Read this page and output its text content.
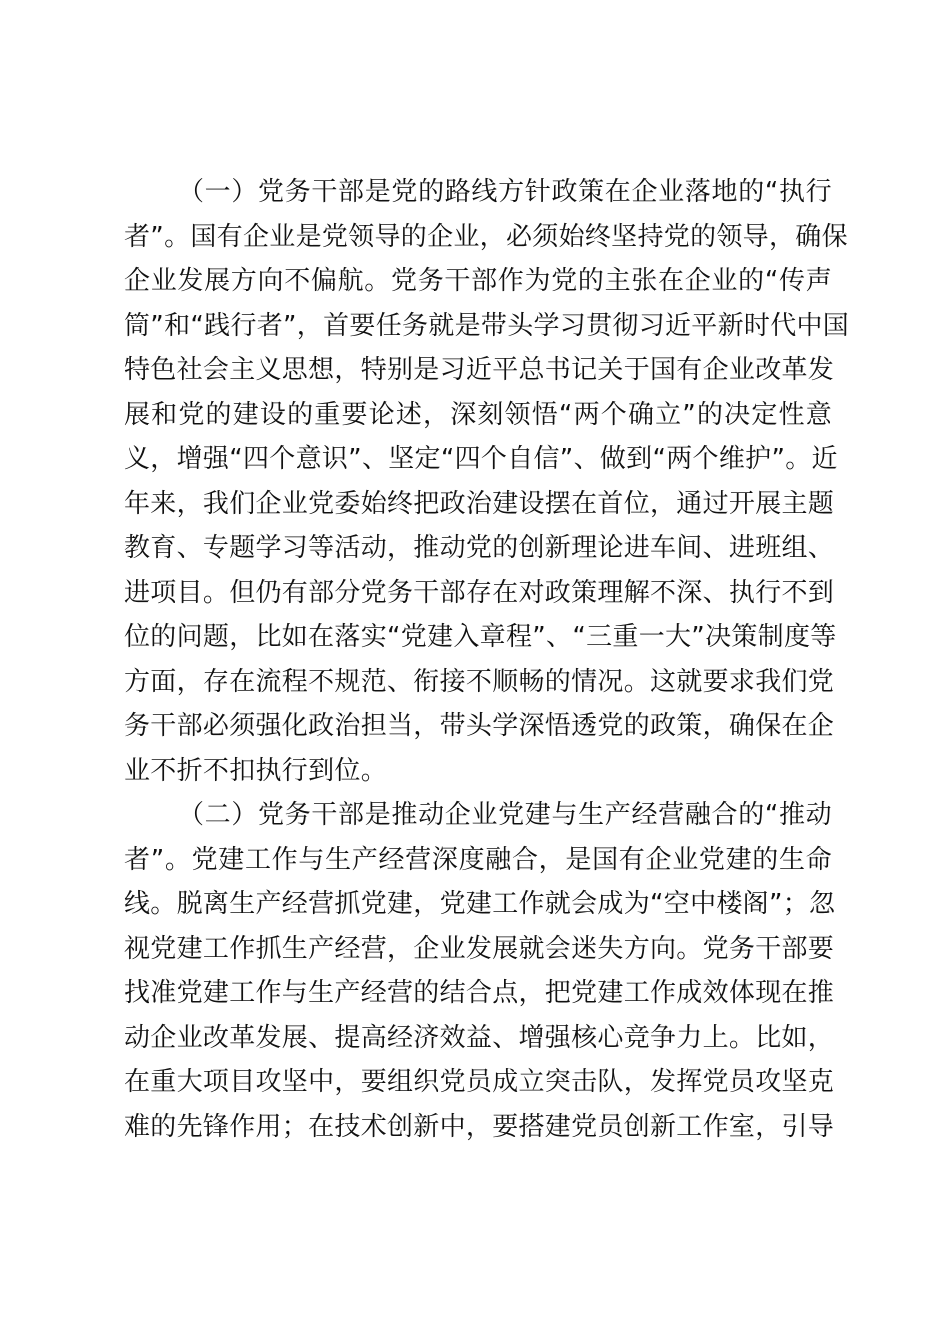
（一）党务干部是党的路线方针政策在企业落地的“执行
者”。国有企业是党领导的企业，必须始终坚持党的领导，确保
企业发展方向不偏航。党务干部作为党的主张在企业的“传声
筒”和“践行者”，首要任务就是带头学习贯彻习近平新时代中国
特色社会主义思想，特别是习近平总书记关于国有企业改革发
展和党的建设的重要论述，深刻领悟“两个确立”的决定性意
义，增强“四个意识”、坚定“四个自信”、做到“两个维护”。近
年来，我们企业党委始终把政治建设摆在首位，通过开展主题
教育、专题学习等活动，推动党的创新理论进车间、进班组、
进项目。但仍有部分党务干部存在对政策理解不深、执行不到
位的问题，比如在落实“党建入章程”、“三重一大”决策制度等
方面，存在流程不规范、衔接不顺畅的情况。这就要求我们党
务干部必须强化政治担当，带头学深悟透党的政策，确保在企
业不折不扣执行到位。
（二）党务干部是推动企业党建与生产经营融合的“推动
者”。党建工作与生产经营深度融合，是国有企业党建的生命
线。脱离生产经营抓党建，党建工作就会成为“空中楼阁”；忽
视党建工作抓生产经营，企业发展就会迷失方向。党务干部要
找准党建工作与生产经营的结合点，把党建工作成效体现在推
动企业改革发展、提高经济效益、增强核心竞争力上。比如，
在重大项目攻坚中，要组织党员成立突击队，发挥党员攻坚克
难的先锋作用；在技术创新中，要搭建党员创新工作室，引导
